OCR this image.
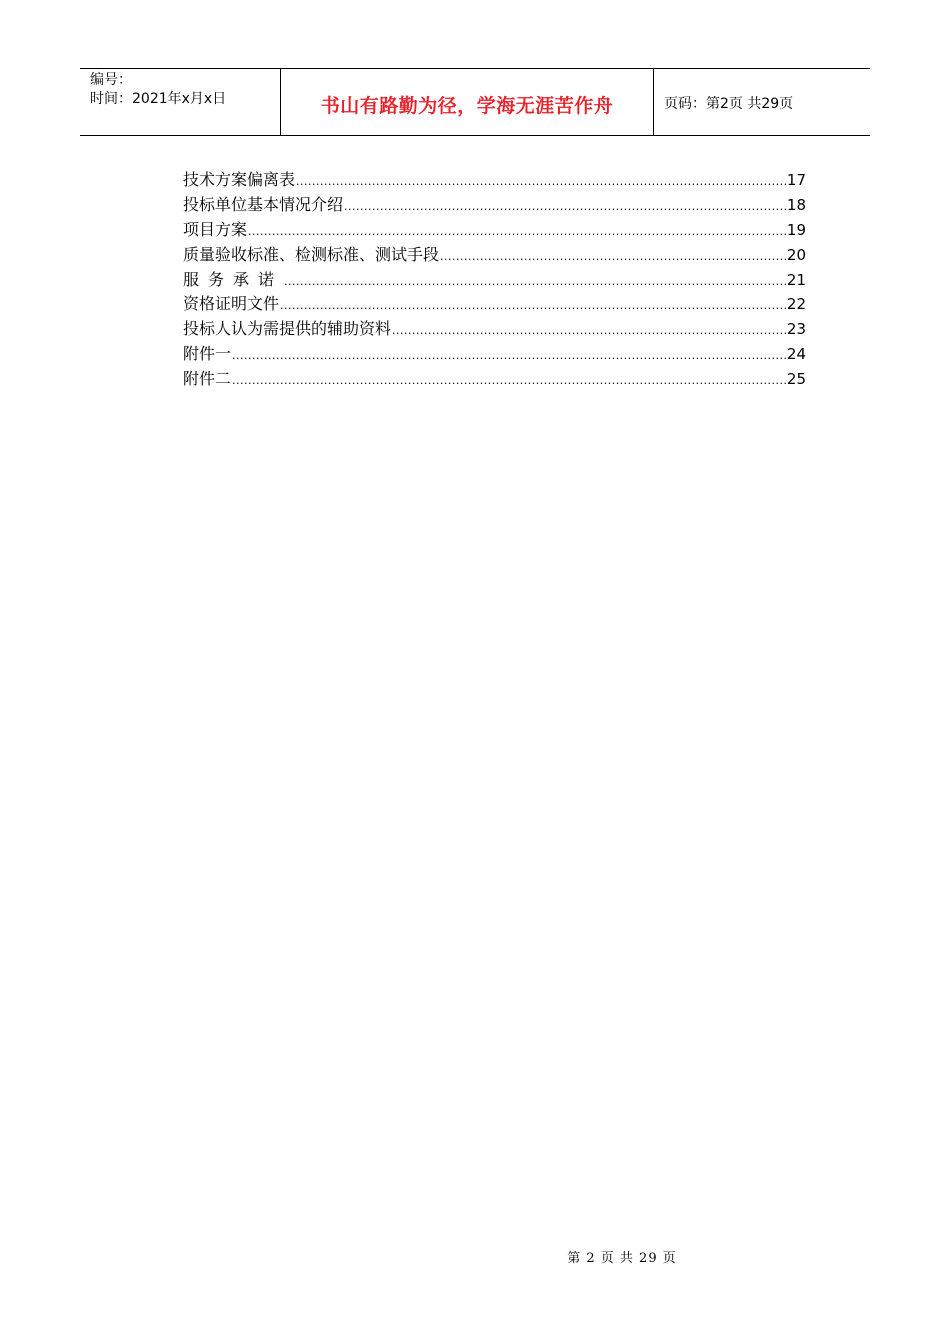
编号：
时间：2021年x月x日	书山有路勤为径，学海无涯苦作舟	页码：第2页 共29页
技术方案偏离表 .....	17
投标单位基本情况介绍 .....	18
项目方案 .....	19
质量验收标准、检测标准、测试手段 .....	20
服务承诺 .....	21
资格证明文件 .....	22
投标人认为需提供的辅助资料 .....	23
附件一 .....	24
附件二 .....	25
第 2 页 共 29 页
